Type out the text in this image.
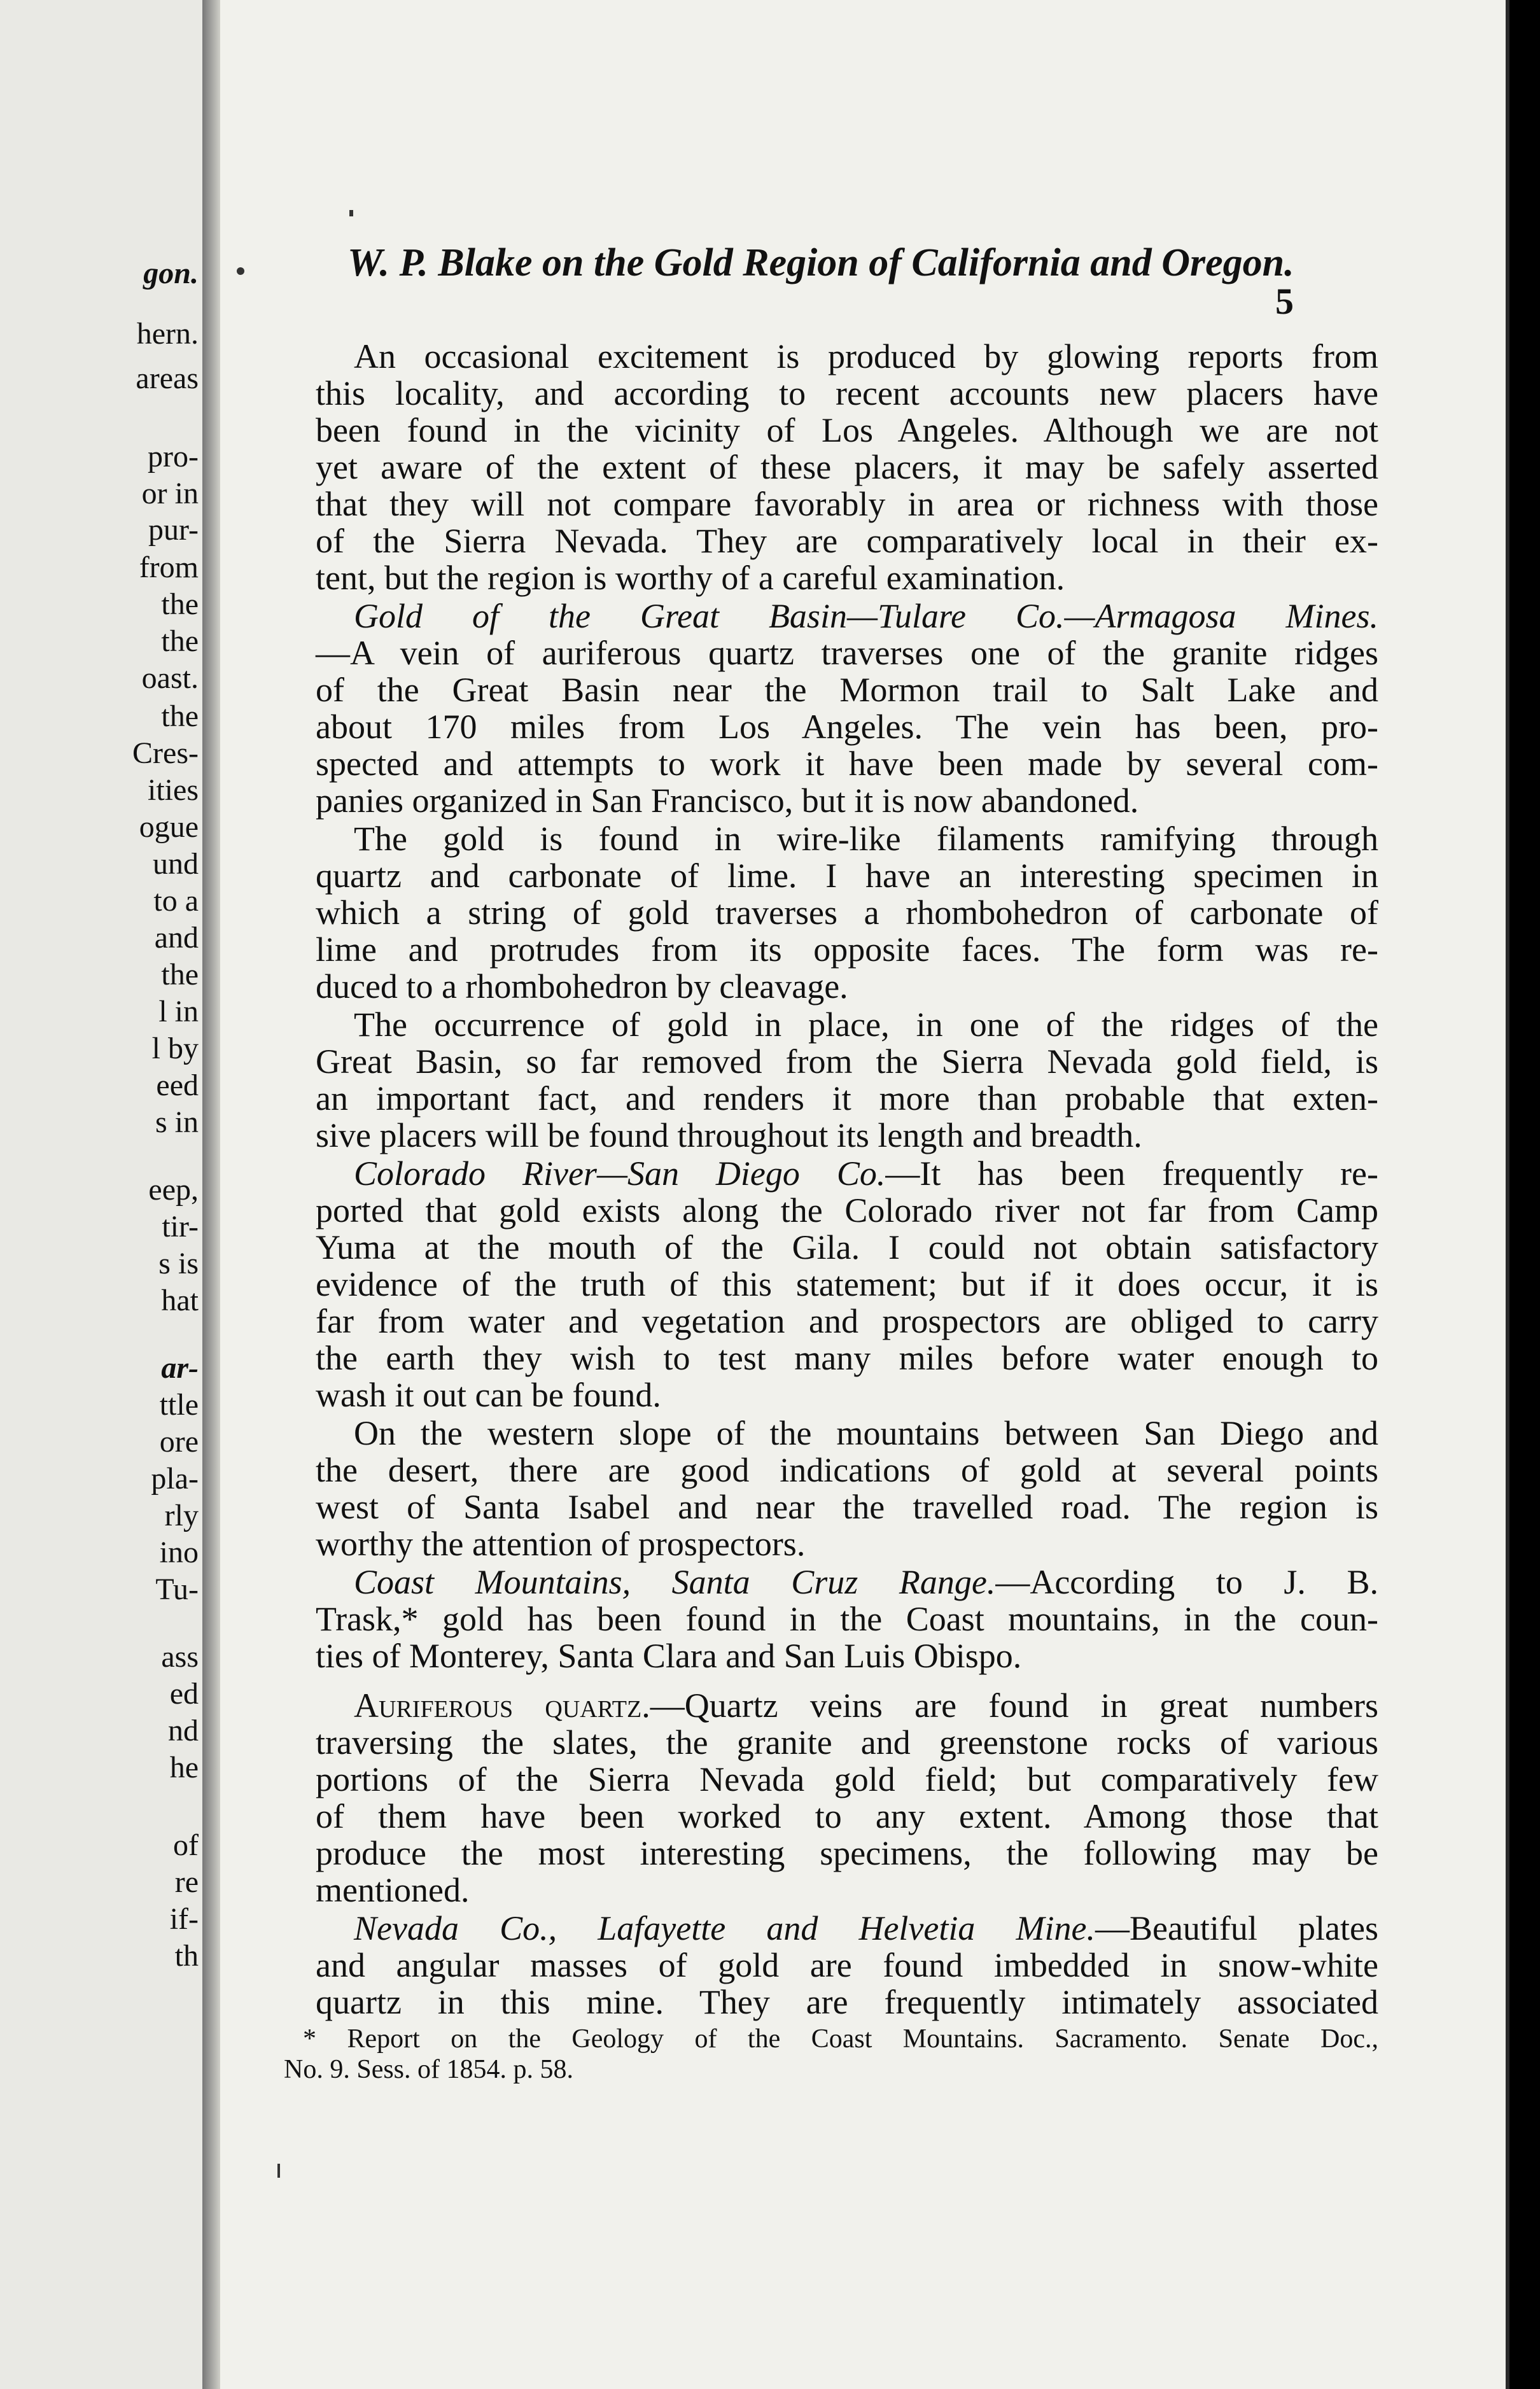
gon.
hern.
areas
pro-
or in
pur-
from
the
the
oast.
the
Cres-
ities
ogue
und
to a
and
the
l in
l by
eed
s in
eep,
tir-
s is
hat
ar-
ttle
ore
pla-
rly
ino
Tu-
ass
ed
nd
he
of
re
if-
th
W. P. Blake on the Gold Region of California and Oregon.
5
An occasional excitement is produced by glowing reports from
this locality, and according to recent accounts new placers have
been found in the vicinity of Los Angeles. Although we are not
yet aware of the extent of these placers, it may be safely asserted
that they will not compare favorably in area or richness with those
of the Sierra Nevada. They are comparatively local in their ex-
tent, but the region is worthy of a careful examination.
Gold of the Great Basin—Tulare Co.—Armagosa Mines.
—A vein of auriferous quartz traverses one of the granite ridges
of the Great Basin near the Mormon trail to Salt Lake and
about 170 miles from Los Angeles. The vein has been, pro-
spected and attempts to work it have been made by several com-
panies organized in San Francisco, but it is now abandoned.
The gold is found in wire-like filaments ramifying through
quartz and carbonate of lime. I have an interesting specimen in
which a string of gold traverses a rhombohedron of carbonate of
lime and protrudes from its opposite faces. The form was re-
duced to a rhombohedron by cleavage.
The occurrence of gold in place, in one of the ridges of the
Great Basin, so far removed from the Sierra Nevada gold field, is
an important fact, and renders it more than probable that exten-
sive placers will be found throughout its length and breadth.
Colorado River—San Diego Co.—It has been frequently re-
ported that gold exists along the Colorado river not far from Camp
Yuma at the mouth of the Gila. I could not obtain satisfactory
evidence of the truth of this statement; but if it does occur, it is
far from water and vegetation and prospectors are obliged to carry
the earth they wish to test many miles before water enough to
wash it out can be found.
On the western slope of the mountains between San Diego and
the desert, there are good indications of gold at several points
west of Santa Isabel and near the travelled road. The region is
worthy the attention of prospectors.
Coast Mountains, Santa Cruz Range.—According to J. B.
Trask,* gold has been found in the Coast mountains, in the coun-
ties of Monterey, Santa Clara and San Luis Obispo.
Auriferous quartz.—Quartz veins are found in great numbers
traversing the slates, the granite and greenstone rocks of various
portions of the Sierra Nevada gold field; but comparatively few
of them have been worked to any extent. Among those that
produce the most interesting specimens, the following may be
mentioned.
Nevada Co., Lafayette and Helvetia Mine.—Beautiful plates
and angular masses of gold are found imbedded in snow-white
quartz in this mine. They are frequently intimately associated
* Report on the Geology of the Coast Mountains. Sacramento. Senate Doc.,
No. 9. Sess. of 1854. p. 58.
